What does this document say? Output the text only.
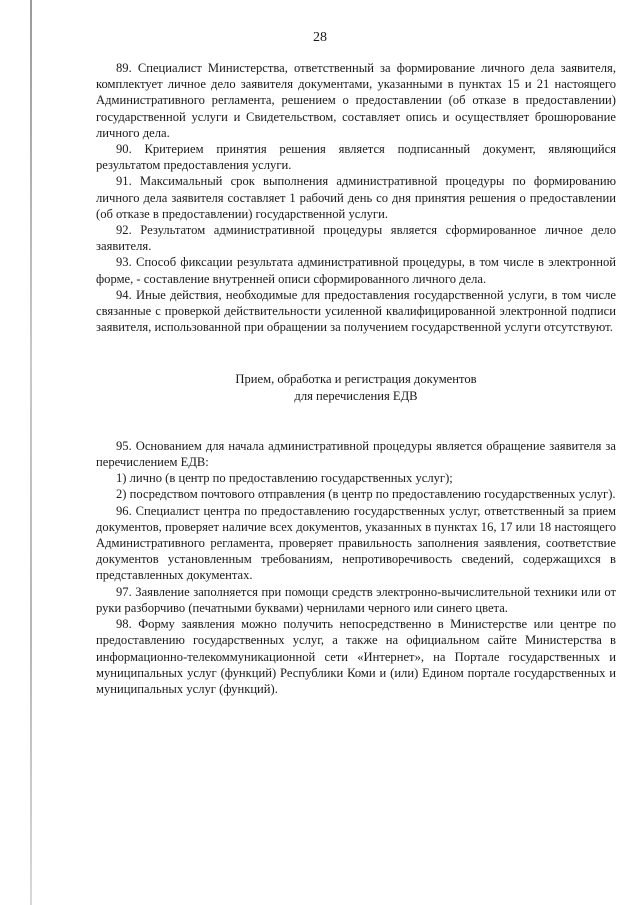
28

89. Специалист Министерства, ответственный за формирование личного дела заявителя, комплектует личное дело заявителя документами, указанными в пунктах 15 и 21 настоящего Административного регламента, решением о предоставлении (об отказе в предоставлении) государственной услуги и Свидетельством, составляет опись и осуществляет брошюрование личного дела.

90. Критерием принятия решения является подписанный документ, являющийся результатом предоставления услуги.

91. Максимальный срок выполнения административной процедуры по формированию личного дела заявителя составляет 1 рабочий день со дня принятия решения о предоставлении (об отказе в предоставлении) государственной услуги.

92. Результатом административной процедуры является сформированное личное дело заявителя.

93. Способ фиксации результата административной процедуры, в том числе в электронной форме, - составление внутренней описи сформированного личного дела.

94. Иные действия, необходимые для предоставления государственной услуги, в том числе связанные с проверкой действительности усиленной квалифицированной электронной подписи заявителя, использованной при обращении за получением государственной услуги отсутствуют.

Прием, обработка и регистрация документов
для перечисления ЕДВ

95. Основанием для начала административной процедуры является обращение заявителя за перечислением ЕДВ:

1) лично (в центр по предоставлению государственных услуг);

2) посредством почтового отправления (в центр по предоставлению государственных услуг).

96. Специалист центра по предоставлению государственных услуг, ответственный за прием документов, проверяет наличие всех документов, указанных в пунктах 16, 17 или 18 настоящего Административного регламента, проверяет правильность заполнения заявления, соответствие документов установленным требованиям, непротиворечивость сведений, содержащихся в представленных документах.

97. Заявление заполняется при помощи средств электронно-вычислительной техники или от руки разборчиво (печатными буквами) чернилами черного или синего цвета.

98. Форму заявления можно получить непосредственно в Министерстве или центре по предоставлению государственных услуг, а также на официальном сайте Министерства в информационно-телекоммуникационной сети «Интернет», на Портале государственных и муниципальных услуг (функций) Республики Коми и (или) Едином портале государственных и муниципальных услуг (функций).
